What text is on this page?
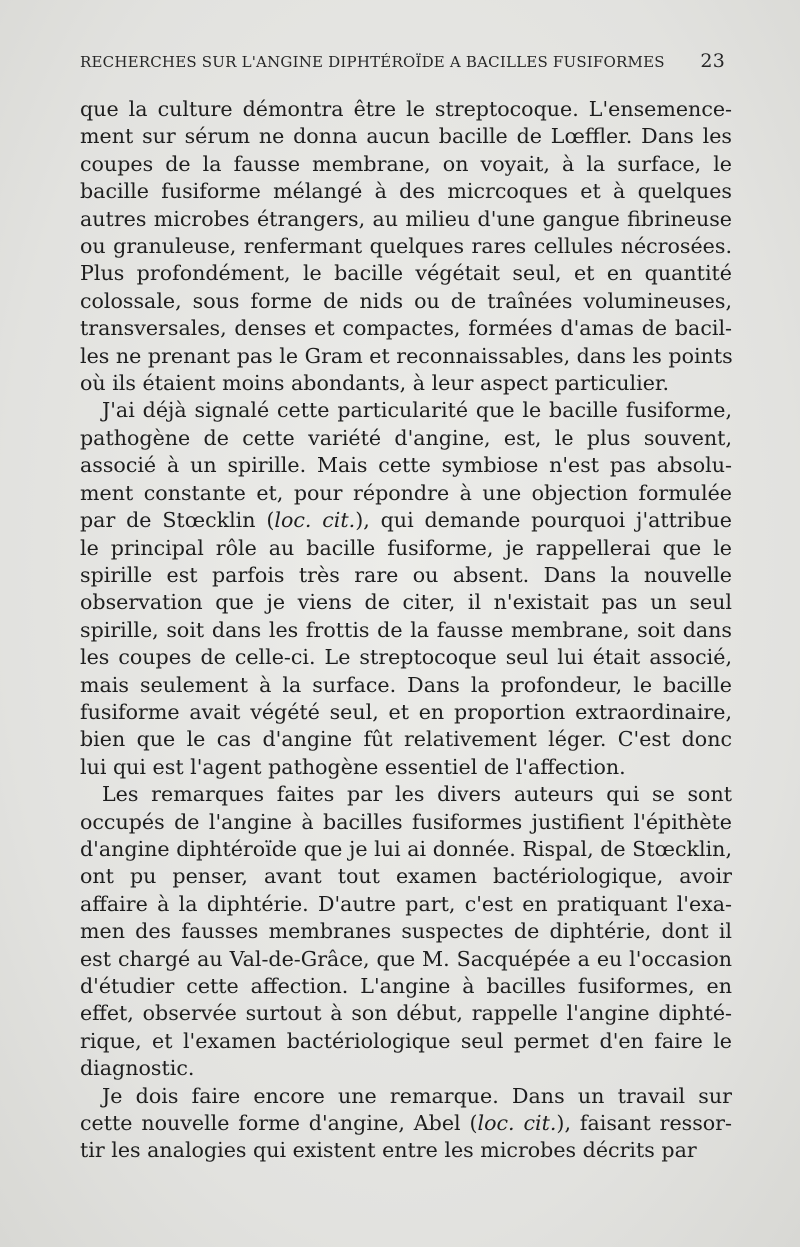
RECHERCHES SUR L'ANGINE DIPHTÉROÏDE A BACILLES FUSIFORMES 23

que la culture démontra être le streptocoque. L'ensemence-
ment sur sérum ne donna aucun bacille de Lœffler. Dans les
coupes de la fausse membrane, on voyait, à la surface, le
bacille fusiforme mélangé à des micrcoques et à quelques
autres microbes étrangers, au milieu d'une gangue fibrineuse
ou granuleuse, renfermant quelques rares cellules nécrosées.
Plus profondément, le bacille végétait seul, et en quantité
colossale, sous forme de nids ou de traînées volumineuses,
transversales, denses et compactes, formées d'amas de bacil-
les ne prenant pas le Gram et reconnaissables, dans les points
où ils étaient moins abondants, à leur aspect particulier.

J'ai déjà signalé cette particularité que le bacille fusiforme,
pathogène de cette variété d'angine, est, le plus souvent,
associé à un spirille. Mais cette symbiose n'est pas absolu-
ment constante et, pour répondre à une objection formulée
par de Stœcklin (loc. cit.), qui demande pourquoi j'attribue
le principal rôle au bacille fusiforme, je rappellerai que le
spirille est parfois très rare ou absent. Dans la nouvelle
observation que je viens de citer, il n'existait pas un seul
spirille, soit dans les frottis de la fausse membrane, soit dans
les coupes de celle-ci. Le streptocoque seul lui était associé,
mais seulement à la surface. Dans la profondeur, le bacille
fusiforme avait végété seul, et en proportion extraordinaire,
bien que le cas d'angine fût relativement léger. C'est donc
lui qui est l'agent pathogène essentiel de l'affection.

Les remarques faites par les divers auteurs qui se sont
occupés de l'angine à bacilles fusiformes justifient l'épithète
d'angine diphtéroïde que je lui ai donnée. Rispal, de Stœcklin,
ont pu penser, avant tout examen bactériologique, avoir
affaire à la diphtérie. D'autre part, c'est en pratiquant l'exa-
men des fausses membranes suspectes de diphtérie, dont il
est chargé au Val-de-Grâce, que M. Sacquépée a eu l'occasion
d'étudier cette affection. L'angine à bacilles fusiformes, en
effet, observée surtout à son début, rappelle l'angine diphté-
rique, et l'examen bactériologique seul permet d'en faire le
diagnostic.

Je dois faire encore une remarque. Dans un travail sur
cette nouvelle forme d'angine, Abel (loc. cit.), faisant ressor-
tir les analogies qui existent entre les microbes décrits par
